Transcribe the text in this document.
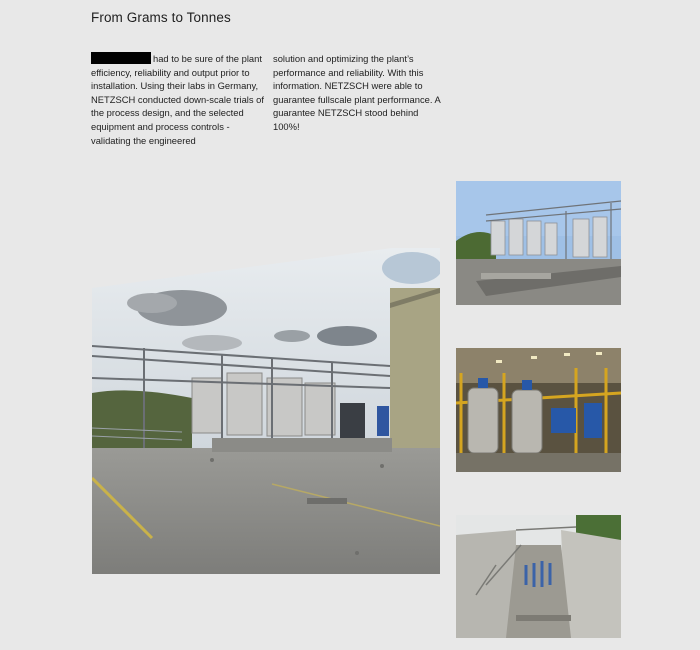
From Grams to Tonnes
had to be sure of the plant efficiency, reliability and output prior to installation. Using their labs in Germany, NETZSCH conducted down-scale trials of the process design, and the selected equipment and process controls - validating the engineered
solution and optimizing the plant’s performance and reliability. With this information. NETZSCH were able to guarantee fullscale plant performance. A guarantee NETZSCH stood behind 100%!
